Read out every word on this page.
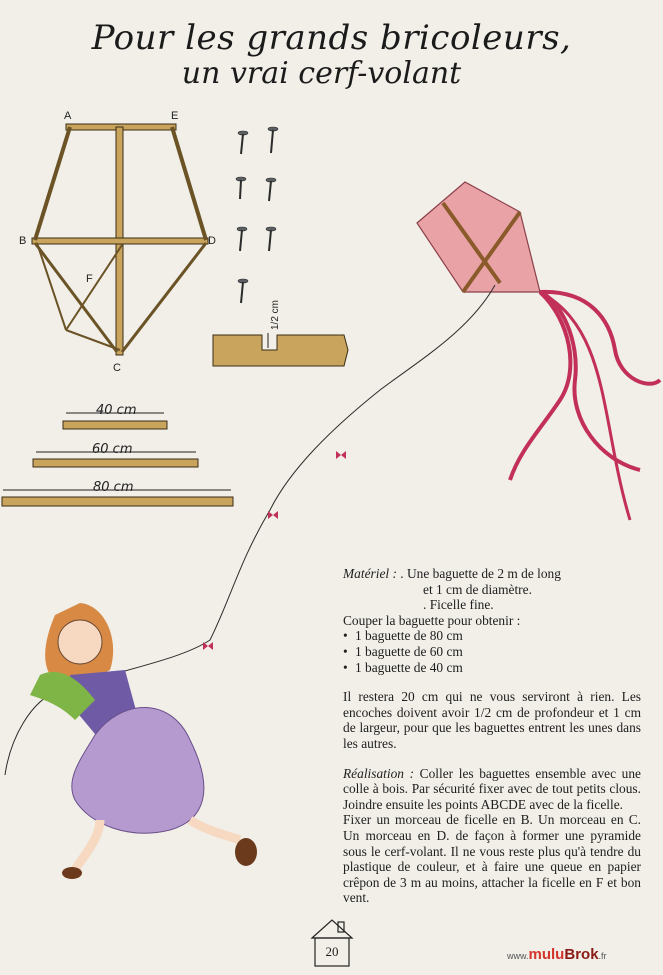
Pour les grands bricoleurs,
un vrai cerf-volant
A	E
B	D
F
C
1/2 cm
40 cm
60 cm
80 cm

Matériel : . Une baguette de 2 m de long

et 1 cm de diamètre.

. Ficelle fine.

Couper la baguette pour obtenir :

• 1 baguette de 80 cm

• 1 baguette de 60 cm

• 1 baguette de 40 cm

Il restera 20 cm qui ne vous serviront à rien. Les encoches doivent avoir 1/2 cm de profondeur et 1 cm de largeur, pour que les baguettes entrent les unes dans les autres.

Réalisation : Coller les baguettes ensemble avec une colle à bois. Par sécurité fixer avec de tout petits clous. Joindre ensuite les points ABCDE avec de la ficelle.

Fixer un morceau de ficelle en B. Un morceau en C. Un morceau en D. de façon à former une pyramide sous le cerf-volant. Il ne vous reste plus qu'à tendre du plastique de couleur, et à faire une queue en papier crêpon de 3 m au moins, attacher la ficelle en F et bon vent.

20	www.muluBrok.fr
